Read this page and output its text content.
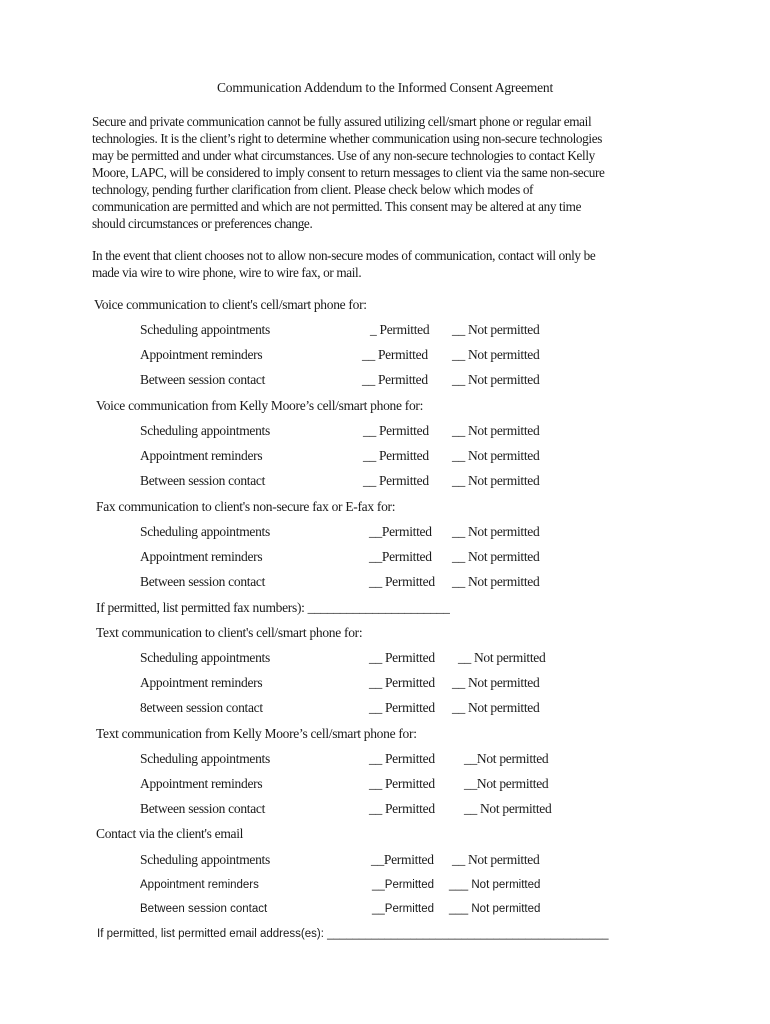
Communication Addendum to the Informed Consent Agreement

Secure and private communication cannot be fully assured utilizing cell/smart phone or regular email

technologies. It is the client’s right to determine whether communication using non-secure technologies

may be permitted and under what circumstances. Use of any non-secure technologies to contact Kelly

Moore, LAPC, will be considered to imply consent to return messages to client via the same non-secure

technology, pending further clarification from client. Please check below which modes of

communication are permitted and which are not permitted. This consent may be altered at any time

should circumstances or preferences change.

In the event that client chooses not to allow non-secure modes of communication, contact will only be

made via wire to wire phone, wire to wire fax, or mail.

Voice communication to client's cell/smart phone for:
Scheduling appointments	_ Permitted __ Not permitted
Appointment reminders	__ Permitted __ Not permitted
Between session contact	__ Permitted __ Not permitted
Voice communication from Kelly Moore’s cell/smart phone for:
Scheduling appointments	__ Permitted __ Not permitted
Appointment reminders	__ Permitted __ Not permitted
Between session contact	__ Permitted __ Not permitted
Fax communication to client's non-secure fax or E-fax for:
Scheduling appointments	__Permitted __ Not permitted
Appointment reminders	__Permitted __ Not permitted
Between session contact	__ Permitted __ Not permitted
If permitted, list permitted fax numbers): ______________________
Text communication to client's cell/smart phone for:
Scheduling appointments	__ Permitted __ Not permitted
Appointment reminders	__ Permitted __ Not permitted
8etween session contact	__ Permitted __ Not permitted
Text communication from Kelly Moore’s cell/smart phone for:
Scheduling appointments	__ Permitted __Not permitted
Appointment reminders	__ Permitted __Not permitted
Between session contact	__ Permitted __ Not permitted
Contact via the client's email
Scheduling appointments	__Permitted __ Not permitted
Appointment reminders	__Permitted ___ Not permitted
Between session contact	__Permitted ___ Not permitted
If permitted, list permitted email address(es): ____________________________________________
